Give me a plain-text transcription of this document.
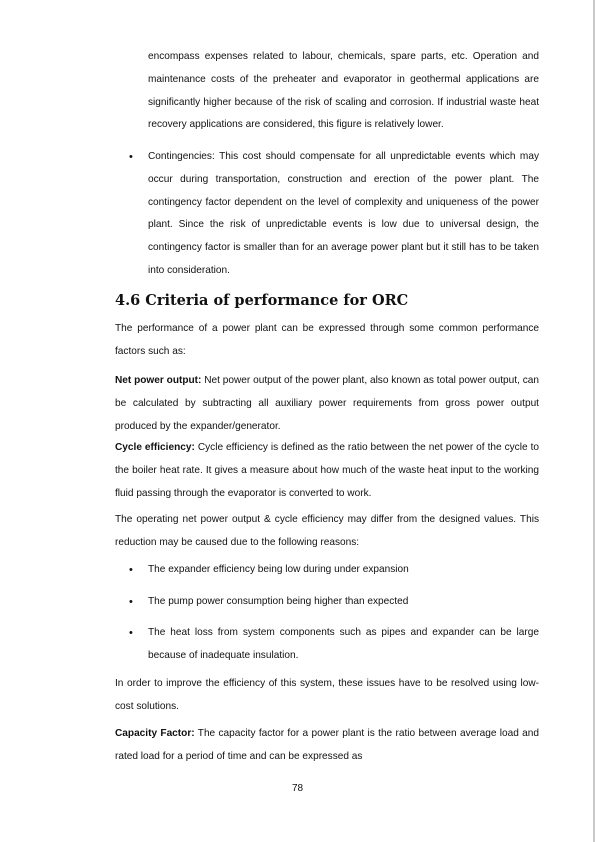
encompass expenses related to labour, chemicals, spare parts, etc. Operation and maintenance costs of the preheater and evaporator in geothermal applications are significantly higher because of the risk of scaling and corrosion. If industrial waste heat recovery applications are considered, this figure is relatively lower.

• Contingencies: This cost should compensate for all unpredictable events which may occur during transportation, construction and erection of the power plant. The contingency factor dependent on the level of complexity and uniqueness of the power plant. Since the risk of unpredictable events is low due to universal design, the contingency factor is smaller than for an average power plant but it still has to be taken into consideration.
4.6 Criteria of performance for ORC

The performance of a power plant can be expressed through some common performance factors such as:

Net power output: Net power output of the power plant, also known as total power output, can be calculated by subtracting all auxiliary power requirements from gross power output produced by the expander/generator.

Cycle efficiency: Cycle efficiency is defined as the ratio between the net power of the cycle to the boiler heat rate. It gives a measure about how much of the waste heat input to the working fluid passing through the evaporator is converted to work.

The operating net power output & cycle efficiency may differ from the designed values. This reduction may be caused due to the following reasons:

• The expander efficiency being low during under expansion
• The pump power consumption being higher than expected
• The heat loss from system components such as pipes and expander can be large because of inadequate insulation.

In order to improve the efficiency of this system, these issues have to be resolved using low-cost solutions.

Capacity Factor: The capacity factor for a power plant is the ratio between average load and rated load for a period of time and can be expressed as

78
